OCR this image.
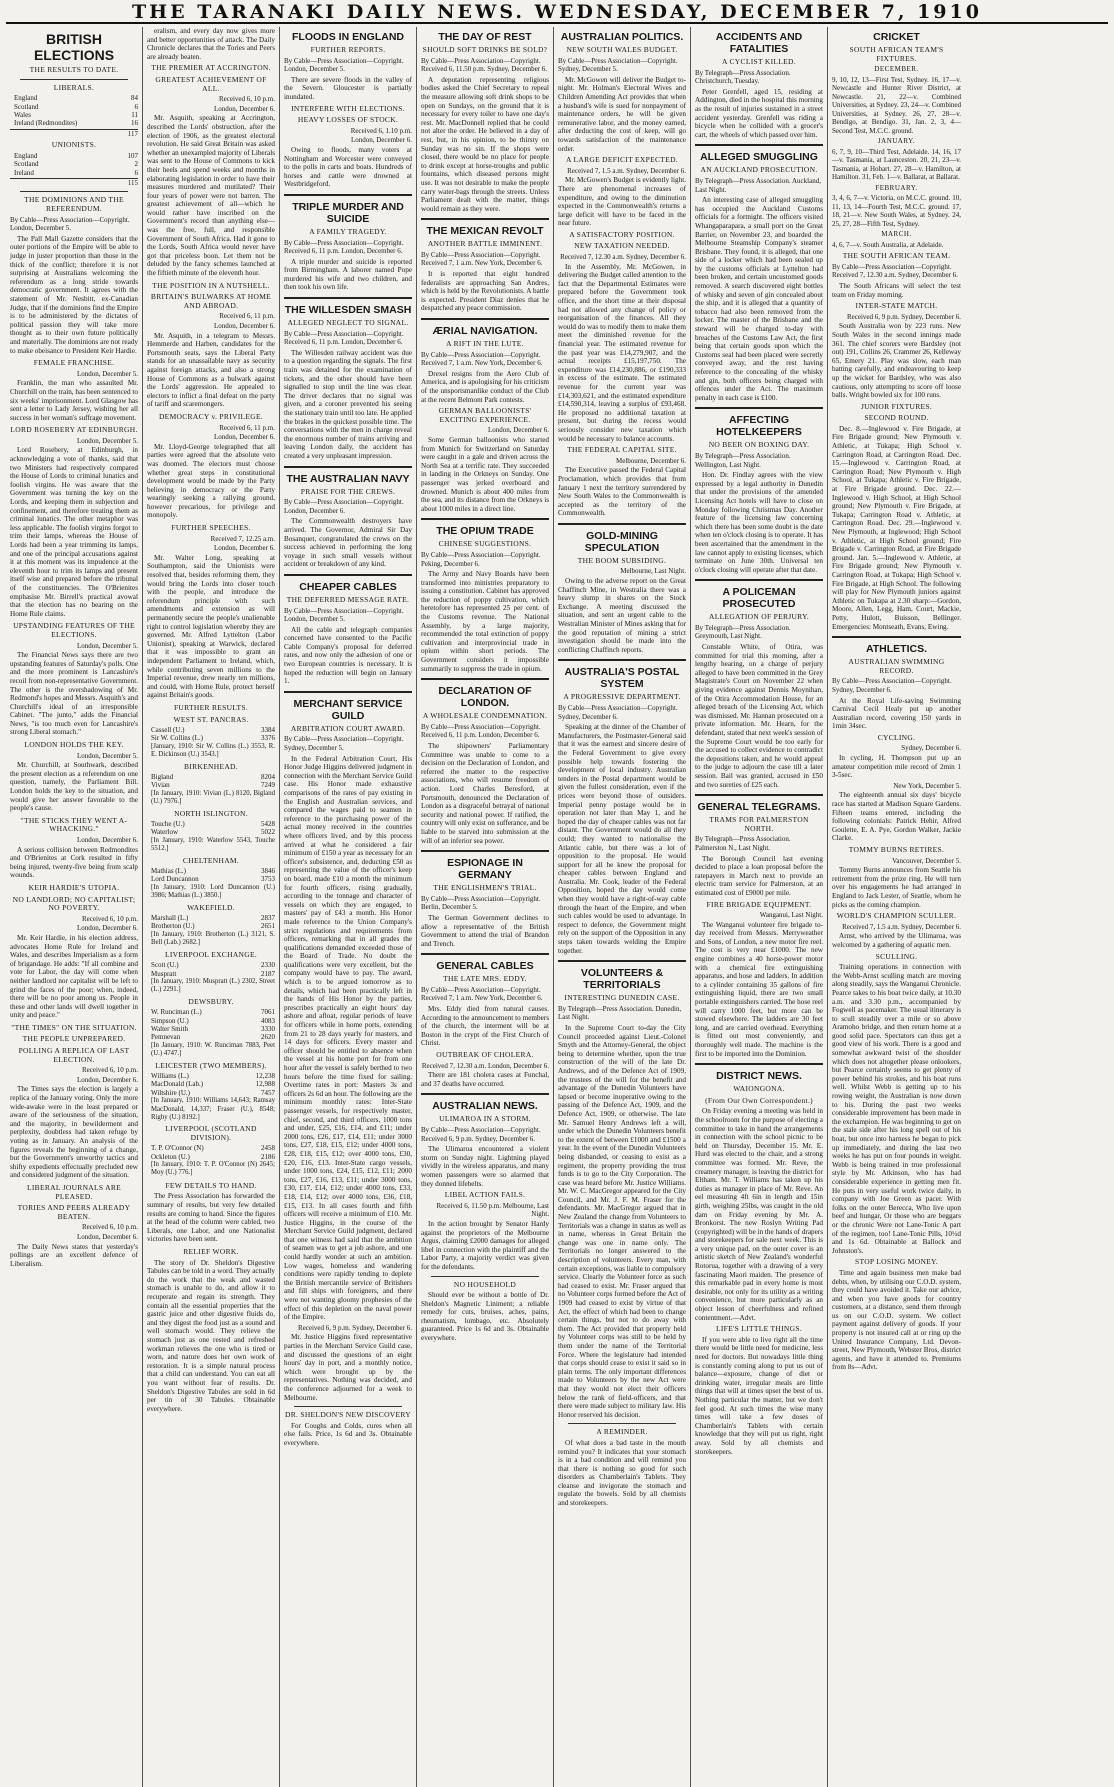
THE TARANAKI DAILY NEWS. WEDNESDAY, DECEMBER 7, 1910
BRITISH ELECTIONS
THE RESULTS TO DATE.
LIBERALS.
England	84
Scotland	6
Wales	11
Ireland (Redmondites)	16
117
UNIONISTS.
England	107
Scotland	2
Ireland	6
115
THE DOMINIONS AND THE REFERENDUM.
By Cable—Press Association—Copyright. London, December 5.

The Pall Mall Gazette considers that the outer portions of the Empire will be able to judge in juster proportion than those in the thick of the conflict; therefore it is not surprising at Australians welcoming the referendum as a long stride towards democratic government. It agrees with the statement of Mr. Nesbitt, ex-Canadian Judge, that if the dominions find the Empire is to be administered by the dictates of political passion they will take more thought as to their own future politically and materially. The dominions are not ready to make obeisance to President Keir Hardie.

FEMALE FRANCHISE.
London, December 5.

Franklin, the man who assaulted Mr. Churchill on the train, has been sentenced to six weeks' imprisonment. Lord Glasgow has sent a letter to Lady Jersey, wishing her all success in her woman's suffrage movement.

LORD ROSEBERY AT EDINBURGH.
London, December 5.

Lord Rosebery, at Edinburgh, in acknowledging a vote of thanks, said that two Ministers had respectively compared the House of Lords to criminal lunatics and foolish virgins. He was aware that the Government was turning the key on the Lords, and keeping them in subjection and confinement, and therefore treating them as criminal lunatics. The other metaphor was less applicable. The foolish virgins forgot to trim their lamps, whereas the House of Lords had been a year trimming its lamps, and one of the principal accusations against it at this moment was its impudence at the eleventh hour to trim its lamps and present itself wise and prepared before the tribunal of the constituencies. The O'Brienites emphasise Mr. Birrell's practical avowal that the election has no bearing on the Home Rule claims.

UPSTANDING FEATURES OF THE ELECTIONS.
London, December 5.

The Financial News says there are two upstanding features of Saturday's polls. One and the more prominent is Lancashire's recoil from non-representative Government. The other is the overshadowing of Mr. Redmond's hopes and Messrs. Asquith's and Churchill's ideal of an irresponsible Cabinet. "The junto," adds the Financial News, "is too much even for Lancashire's strong Liberal stomach."

LONDON HOLDS THE KEY.
London, December 5.

Mr. Churchill, at Southwark, described the present election as a referendum on one question, namely, the Parliament Bill. London holds the key to the situation, and would give her answer favorable to the people's cause.

"THE STICKS THEY WENT A-WHACKING."
London, December 6.

A serious collision between Redmondites and O'Brienites at Cork resulted in fifty being injured, twenty-five being from scalp wounds.

KEIR HARDIE'S UTOPIA.
NO LANDLORD; NO CAPITALIST; NO POVERTY.
Received 6, 10 p.m.
London, December 6.

Mr. Keir Hardie, in his election address, advocates Home Rule for Ireland and Wales, and describes Imperialism as a form of brigandage. He adds: "If all combine and vote for Labor, the day will come when neither landlord nor capitalist will be left to grind the faces of the poor; when, indeed, there will be no poor among us. People in these and other lands will dwell together in unity and peace."

"THE TIMES" ON THE SITUATION.
THE PEOPLE UNPREPARED.
POLLING A REPLICA OF LAST ELECTION.
Received 6, 10 p.m.
London, December 6.

The Times says the election is largely a replica of the January voting. Only the more wide-awake were in the least prepared or aware of the seriousness of the situation, and the majority, in bewilderment and perplexity, doubtless had taken refuge by voting as in January. An analysis of the figures reveals the beginning of a change, but the Government's unworthy tactics and shifty expedients effectually precluded new and considered judgment of the situation.

LIBERAL JOURNALS ARE PLEASED.
TORIES AND PEERS ALREADY BEATEN.
Received 6, 10 p.m.
London, December 6.

The Daily News states that yesterday's pollings are an excellent defence of Liberalism.

eralism, and every day now gives more and better opportunities of attack. The Daily Chronicle declares that the Tories and Peers are already beaten.

THE PREMIER AT ACCRINGTON.
GREATEST ACHIEVEMENT OF ALL.
Received 6, 10 p.m.
London, December 6.

Mr. Asquith, speaking at Accrington, described the Lords' obstruction, after the election of 1906, as the greatest electoral revolution. He said Great Britain was asked whether an unexampled majority of Liberals was sent to the House of Commons to kick their heels and spend weeks and months in elaborating legislation in order to have their measures murdered and mutilated? Their four years of power were not barren. The greatest achievement of all—which he would rather have inscribed on the Government's record than anything else—was the free, full, and responsible Government of South Africa. Had it gone to the Lords, South Africa would never have got that priceless boon. Let them not be deluded by the fancy schemes launched at the fiftieth minute of the eleventh hour.

THE POSITION IN A NUTSHELL.
BRITAIN'S BULWARKS AT HOME AND ABROAD.
Received 6, 11 p.m.
London, December 6.

Mr. Asquith, in a telegram to Messrs. Hemmerde and Harben, candidates for the Portsmouth seats, says the Liberal Party stands for an unassailable navy as security against foreign attacks, and also a strong House of Commons as a bulwark against the Lords' aggression. He appealed to electors to inflict a final defeat on the party of tariff and scaremongers.

DEMOCRACY v. PRIVILEGE.
Received 6, 11 p.m.
London, December 6.

Mr. Lloyd-George telegraphed that all parties were agreed that the absolute veto was doomed. The electors must choose whether great steps in constitutional development would be made by the Party believing in democracy or the Party wearingly seeking a rallying ground, however precarious, for privilege and monopoly.

FURTHER SPEECHES.
Received 7, 12.25 a.m.
London, December 6.

Mr. Walter Long, speaking at Southampton, said the Unionists were resolved that, besides reforming them, they would bring the Lords into closer touch with the people, and introduce the referendum principle with such amendments and extension as will permanently secure the people's unalienable right to control legislation whereby they are governed. Mr. Alfred Lyttelton (Labor Unionist), speaking at Warwick, declared that it was impossible to grant an independent Parliament to Ireland, which, while contributing seven millions to the Imperial revenue, drew nearly ten millions, and could, with Home Rule, protect herself against Britain's goods.

FURTHER RESULTS.
WEST ST. PANCRAS.
Cassell (U.)	3384
Sir W. Collins (L.)	3376
[January, 1910: Sir W. Collins (L.) 3553, R. E. Dickinson (U.) 3543.]
BIRKENHEAD.
Bigland	8204
Vivian	7249
[In January, 1910: Vivian (L.) 8120, Bigland (U.) 7976.]
NORTH ISLINGTON.
Touche (U.)	5428
Waterlow	5022
[In January, 1910: Waterlow 5543, Touche 5512.]
CHELTENHAM.
Mathias (L.)	3846
Lord Duncannon	3753
[In January, 1910: Lord Duncannon (U.) 3986; Mathias (L.) 3850.]
WAKEFIELD.
Marshall (L.)	2837
Brotherton (U.)	2651
[In January, 1910: Brotherton (L.) 3121, S. Bell (Lab.) 2682.]
LIVERPOOL EXCHANGE.
Scott (U.)	2330
Muspratt	2187
[In January, 1910: Muspratt (L.) 2302, Street (L.) 2291.]
DEWSBURY.
W. Runciman (L.)	7061
Simpson (U.)	4083
Walter Smith	3330
Pemnevan	2620
[In January, 1910: W. Runciman 7883, Peet (U.) 4747.]
LEICESTER (TWO MEMBERS).
Williams (L.)	12,238
MacDonald (Lab.)	12,988
Wiltshire (U.)	7457
[In January, 1910: Williams 14,643; Ramsay MacDonald, 14,337; Fraser (U.), 8548; Rigby (U.) 8192.]
LIVERPOOL (SCOTLAND DIVISION).
T. P. O'Connor (N)	2458
Ockleton (U.)	2186
[In January, 1910: T. P. O'Connor (N) 2645; Moy (U.) 776.]
FEW DETAILS TO HAND.

The Press Association has forwarded the summary of results, but very few detailed results are coming to hand. Since the figures at the head of the column were cabled, two Liberals, one Labor, and one Nationalist victories have been sent.

RELIEF WORK.

The story of Dr. Sheldon's Digestive Tabules can be told in a word. They actually do the work that the weak and wasted stomach is unable to do, and allow it to recuperate and regain its strength. They contain all the essential properties that the gastric juice and other digestive fluids do, and they digest the food just as a sound and well stomach would. They relieve the stomach just as one rested and refreshed workman relieves the one who is tired or worn, and nature does her own work of restoration. It is a simple natural process that a child can understand. You can eat all you want without fear of results. Dr. Sheldon's Digestive Tabules are sold in 6d per tin of 30 Tabules. Obtainable everywhere.

FLOODS IN ENGLAND
FURTHER REPORTS.
By Cable—Press Association—Copyright. London, December 5.

There are severe floods in the valley of the Severn. Gloucester is partially inundated.

INTERFERE WITH ELECTIONS.
HEAVY LOSSES OF STOCK.
Received 6, 1.10 p.m.
London, December 6.

Owing to floods, many voters at Nottingham and Worcester were conveyed to the polls in carts and boats. Hundreds of horses and cattle were drowned at Westbridgeford.

TRIPLE MURDER AND SUICIDE
A FAMILY TRAGEDY.
By Cable—Press Association—Copyright. Received 6, 11 p.m. London, December 6.

A triple murder and suicide is reported from Birmingham. A laborer named Pope murdered his wife and two children, and then took his own life.

THE WILLESDEN SMASH
ALLEGED NEGLECT TO SIGNAL.
By Cable—Press Association—Copyright. Received 6, 11 p.m. London, December 6.

The Willesden railway accident was due to a question regarding the signals. The first train was detained for the examination of tickets, and the other should have been signalled to stop until the line was clear. The driver declares that no signal was given, and a coroner prevented his seeing the stationary train until too late. He applied the brakes in the quickest possible time. The conversations with the men in charge reveal the enormous number of trains arriving and leaving London daily, the accident has created a very unpleasant impression.

THE AUSTRALIAN NAVY
PRAISE FOR THE CREWS.
By Cable—Press Association—Copyright. London, December 6.

The Commonwealth destroyers have arrived. The Governor, Admiral Sir Day Bosanquet, congratulated the crews on the success achieved in performing the long voyage in such small vessels without accident or breakdown of any kind.

CHEAPER CABLES
THE DEFERRED MESSAGE RATE.
By Cable—Press Association—Copyright. London, December 5.

All the cable and telegraph companies concerned have consented to the Pacific Cable Company's proposal for deferred rates, and now only the adhesion of one or two European countries is necessary. It is hoped the reduction will begin on January 1.

MERCHANT SERVICE GUILD
ARBITRATION COURT AWARD.
By Cable—Press Association—Copyright. Sydney, December 5.

In the Federal Arbitration Court, His Honor Judge Higgins delivered judgment in connection with the Merchant Service Guild case. His Honor made exhaustive comparisons of the rates of pay existing in the English and Australian services, and compared the wages paid to seamen in reference to the purchasing power of the actual money received in the countries where officers lived, and by this process arrived at what he considered a fair minimum of £150 a year as necessary for an officer's subsistence, and, deducting £50 as representing the value of the officer's keep on board, made £10 a month the minimum for fourth officers, rising gradually, according to the tonnage and character of vessels on which they are engaged, to masters' pay of £43 a month. His Honor made reference to the Union Company's strict regulations and requirements from officers, remarking that in all grades the qualifications demanded exceeded those of the Board of Trade. No doubt the qualifications were very excellent, but the company would have to pay. The award, which is to be argued tomorrow as to details, which had been practically left in the hands of His Honor by the parties, prescribes practically an eight hours' day ashore and afloat, regular periods of leave for officers while in home ports, extending from 21 to 28 days yearly for masters, and 14 days for officers. Every master and officer should be entitled to absence when the vessel at his home port for from one hour after the vessel is safely berthed to two hours before the time fixed for sailing. Overtime rates in port: Masters 3s and officers 2s 6d an hour. The following are the minimum monthly rates: Inter-State passenger vessels, for respectively master, chief, second, and third officers, 1000 tons and under, £25, £16, £14, and £11; under 2000 tons, £26, £17, £14, £11; under 3000 tons, £27, £18, £15, £12; under 4000 tons, £28, £18, £15, £12; over 4000 tons, £30, £20, £16, £13. Inter-State cargo vessels, under 1000 tons, £24, £15, £12, £11; 2000 tons, £27, £16, £13, £11; under 3000 tons, £30, £17, £14, £12; under 4000 tons, £33, £18, £14, £12; over 4000 tons, £36, £18, £15, £13. In all cases fourth and fifth officers will receive a minimum of £10. Mr. Justice Higgins, in the course of the Merchant Service Guild judgment, declared that one witness had said that the ambition of seamen was to get a job ashore, and one could hardly wonder at such an ambition. Low wages, homeless and wandering conditions were rapidly tending to deplete the British mercantile service of Britishers and fill ships with foreigners, and there were not wanting gloomy prophesies of the effect of this depletion on the naval power of the Empire.

Received 6, 9 p.m. Sydney, December 6.

Mr. Justice Higgins fixed representative parties in the Merchant Service Guild case, and discussed the questions of an eight hours' day in port, and a monthly notice, which were brought up by the representatives. Nothing was decided, and the conference adjourned for a week to Melbourne.

DR. SHELDON'S NEW DISCOVERY

For Coughs and Colds, cures when all else fails. Price, 1s 6d and 3s. Obtainable everywhere.

THE DAY OF REST
SHOULD SOFT DRINKS BE SOLD?
By Cable—Press Association—Copyright. Received 6, 11.50 p.m. Sydney, December 6.

A deputation representing religious bodies asked the Chief Secretary to repeal the measure allowing soft drink shops to be open on Sundays, on the ground that it is necessary for every toiler to have one day's rest. Mr. MacDonnell replied that he could not alter the order. He believed in a day of rest, but, in his opinion, to be thirsty on Sunday was no sin. If the shops were closed, there would be no place for people to drink except at horse-troughs and public fountains, which diseased persons might use. It was not desirable to make the people carry water-bags through the streets. Unless Parliament dealt with the matter, things would remain as they were.

THE MEXICAN REVOLT
ANOTHER BATTLE IMMINENT.
By Cable—Press Association—Copyright. Received 7, 1 a.m. New York, December 6.

It is reported that eight hundred federalists are approaching San Andres, which is held by the Revolutionists. A battle is expected. President Diaz denies that he despatched any peace commission.

ÆRIAL NAVIGATION.
A RIFT IN THE LUTE.
By Cable—Press Association—Copyright. Received 7, 1 a.m. New York, December 6.

Drexel resigns from the Aero Club of America, and is apologising for his criticism of the unsportsmanlike conduct of the Club at the recent Belmont Park contests.

GERMAN BALLOONISTS' EXCITING EXPERIENCE.
London, December 6.

Some German balloonists who started from Munich for Switzerland on Saturday were caught in a gale and driven across the North Sea at a terrific rate. They succeeded in landing in the Orkneys on Sunday. One passenger was jerked overboard and drowned. Munich is about 400 miles from the sea, and its distance from the Orkneys is about 1000 miles in a direct line.

THE OPIUM TRADE
CHINESE SUGGESTIONS.
By Cable—Press Association—Copyright. Peking, December 6.

The Army and Navy Boards have been transformed into ministries preparatory to issuing a constitution. Cabinet has approved the reduction of poppy cultivation, which heretofore has represented 25 per cent. of the Customs revenue. The National Assembly, by a large majority, recommended the total extinction of poppy cultivation and interprovincial trade in opium within short periods. The Government considers it impossible summarily to suppress the trade in opium.

DECLARATION OF LONDON.
A WHOLESALE CONDEMNATION.
By Cable—Press Association—Copyright. Received 6, 11 p.m. London, December 6.

The shipowners' Parliamentary Committee was unable to come to a decision on the Declaration of London, and referred the matter to the respective associations, who will resume freedom of action. Lord Charles Beresford, at Portsmouth, denounced the Declaration of London as a disgraceful betrayal of national security and national power. If ratified, the country will only exist on sufferance, and be liable to be starved into submission at the will of an inferior sea power.

ESPIONAGE IN GERMANY
THE ENGLISHMEN'S TRIAL.
By Cable—Press Association—Copyright. Berlin, December 5.

The German Government declines to allow a representative of the British Government to attend the trial of Brandon and Trench.

GENERAL CABLES
THE LATE MRS. EDDY.
By Cable—Press Association—Copyright. Received 7, 1 a.m. New York, December 6.

Mrs. Eddy died from natural causes. According to the announcement to members of the church, the interment will be at Boston in the crypt of the First Church of Christ.

OUTBREAK OF CHOLERA.
Received 7, 12.30 a.m. London, December 6.

There are 181 cholera cases at Funchal, and 37 deaths have occurred.

AUSTRALIAN NEWS.
ULIMAROA IN A STORM.
By Cable—Press Association—Copyright. Received 6, 9 p.m. Sydney, December 6.

The Ulimaroa encountered a violent storm on Sunday night. Lightning played vividly in the wireless apparatus, and many women passengers were so alarmed that they donned lifebelts.

LIBEL ACTION FAILS.
Received 6, 11.50 p.m. Melbourne, Last Night.

In the action brought by Senator Hardy against the proprietors of the Melbourne Argus, claiming £2000 damages for alleged libel in connection with the plaintiff and the Labor Party, a majority verdict was given for the defendants.

NO HOUSEHOLD

Should ever be without a bottle of Dr. Sheldon's Magnetic Liniment; a reliable remedy for cuts, bruises, aches, pains, rheumatism, lumbago, etc. Absolutely guaranteed. Price 1s 6d and 3s. Obtainable everywhere.

AUSTRALIAN POLITICS.
NEW SOUTH WALES BUDGET.
By Cable—Press Association—Copyright. Sydney, December 5.

Mr. McGowen will deliver the Budget to-night. Mr. Holman's Electoral Wives and Children Amending Act provides that when a husband's wife is sued for nonpayment of maintenance orders, he will be given remunerative labor, and the money earned, after deducting the cost of keep, will go towards satisfaction of the maintenance order.

A LARGE DEFICIT EXPECTED.
Received 7, 1.5 a.m. Sydney, December 6.

Mr. McGowen's Budget is evidently light. There are phenomenal increases of expenditure, and owing to the diminution expected in the Commonwealth's returns a large deficit will have to be faced in the near future.

A SATISFACTORY POSITION.
NEW TAXATION NEEDED.
Received 7, 12.30 a.m. Sydney, December 6.

In the Assembly, Mr. McGowen, in delivering the Budget called attention to the fact that the Departmental Estimates were prepared before the Government took office, and the short time at their disposal had not allowed any change of policy or reorganisation of the finances. All they would do was to modify them to make them meet the diminished revenue for the financial year. The estimated revenue for the past year was £14,279,907, and the actual receipts £15,197,750. The expenditure was £14,230,886, or £190,333 in excess of the estimate. The estimated revenue for the current year was £14,303,621, and the estimated expenditure £14,590,314, leaving a surplus of £93,468. He proposed no additional taxation at present, but during the recess would seriously consider new taxation which would be necessary to balance accounts.

THE FEDERAL CAPITAL SITE.
Melbourne, December 6.

The Executive passed the Federal Capital Proclamation, which provides that from January 1 next the territory surrendered by New South Wales to the Commonwealth is accepted as the territory of the Commonwealth.

GOLD-MINING SPECULATION
THE BOOM SUBSIDING.
Melbourne, Last Night.

Owing to the adverse report on the Great Chaffinch Mine, in Westralia there was a heavy slump in shares on the Stock Exchange. A meeting discussed the situation, and sent an urgent cable to the Westralian Minister of Mines asking that for the good reputation of mining a strict investigation should be made into the conflicting Chaffinch reports.

AUSTRALIA'S POSTAL SYSTEM
A PROGRESSIVE DEPARTMENT.
By Cable—Press Association—Copyright. Sydney, December 6.

Speaking at the dinner of the Chamber of Manufacturers, the Postmaster-General said that it was the earnest and sincere desire of the Federal Government to give every possible help towards fostering the development of local industry. Australian tenders in the Postal department would be given the fullest consideration, even if the prices were beyond those of outsiders. Imperial penny postage would be in operation not later than May 1, and he hoped the day of cheaper cables was not far distant. The Government would do all they could; they wanted to nationalise the Atlantic cable, but there was a lot of opposition to the proposal. He would support for all he knew the proposal for cheaper cables between England and Australia. Mr. Cook, leader of the Federal Opposition, hoped the day would come when they would have a right-of-way cable through the heart of the Empire, and when such cables would be used to advantage. In respect to defence, the Government might rely on the support of the Opposition in any steps taken towards welding the Empire together.

VOLUNTEERS & TERRITORIALS
INTERESTING DUNEDIN CASE.
By Telegraph—Press Association. Dunedin, Last Night.

In the Supreme Court to-day the City Council proceeded against Lieut.-Colonel Smyth and the Attorney-General, the object being to determine whether, upon the true construction of the will of the late Dr. Andrews, and of the Defence Act of 1909, the trustees of the will for the benefit and advantage of the Dunedin Volunteers have lapsed or become inoperative owing to the passing of the Defence Act, 1909, and the Defence Act, 1909, or otherwise. The late Mr. Samuel Henry Andrews left a will, under which the Dunedin Volunteers benefit to the extent of between £1000 and £1500 a year. In the event of the Dunedin Volunteers being disbanded, or ceasing to exist as a regiment, the property providing the trust funds is to go to the City Corporation. The case was heard before Mr. Justice Williams. Mr. W. C. MacGregor appeared for the City Council, and Mr. J. F. M. Fraser for the defendants. Mr. MacGregor argued that in New Zealand the change from Volunteers to Territorials was a change in status as well as in name, whereas in Great Britain the change was one in name only. The Territorials no longer answered to the description of volunteers. Every man, with certain exceptions, was liable to compulsory service. Clearly the Volunteer force as such had ceased to exist. Mr. Fraser argued that no Volunteer corps formed before the Act of 1909 had ceased to exist by virtue of that Act, the effect of which had been to change certain things, but not to do away with them. The Act provided that property held by Volunteer corps was still to be held by them under the name of the Territorial Force. Where the legislature had intended that corps should cease to exist it said so in plain terms. The only important differences made to Volunteers by the new Act were that they would not elect their officers below the rank of field-officers, and that there were made subject to military law. His Honor reserved his decision.

A REMINDER.

Of what does a bad taste in the mouth remind you? It indicates that your stomach is in a bad condition and will remind you that there is nothing so good for such disorders as Chamberlain's Tablets. They cleanse and invigorate the stomach and regulate the bowels. Sold by all chemists and storekeepers.

ACCIDENTS AND FATALITIES
A CYCLIST KILLED.
By Telegraph—Press Association. Christchurch, Tuesday.

Peter Grenfell, aged 15, residing at Addington, died in the hospital this morning as the result of injuries sustained in a street accident yesterday. Grenfell was riding a bicycle when he collided with a grocer's cart, the wheels of which passed over him.

ALLEGED SMUGGLING
AN AUCKLAND PROSECUTION.
By Telegraph—Press Association. Auckland, Last Night.

An interesting case of alleged smuggling has occupied the Auckland Customs officials for a fortnight. The officers visited Whangaparapara, a small port on the Great Barrier, on November 23, and boarded the Melbourne Steamship Company's steamer Brisbane. They found, it is alleged, that one side of a locker which had been sealed up by the customs officials at Lyttelton had been broken, and certain uncustomed goods removed. A search discovered eight bottles of whisky and seven of gin concealed about the ship, and it is alleged that a quantity of tobacco had also been removed from the locker. The master of the Brisbane and the steward will be charged to-day with breaches of the Customs Law Act, the first being that certain goods upon which the Customs seal had been placed were secretly conveyed away, and the rest having reference to the concealing of the whisky and gin, both officers being charged with offences under the Act. The maximum penalty in each case is £100.

AFFECTING HOTELKEEPERS
NO BEER ON BOXING DAY.
By Telegraph—Press Association. Wellington, Last Night.

Hon. Dr. Findlay agrees with the view expressed by a legal authority in Dunedin that under the provisions of the amended Licensing Act hotels will have to close on Monday following Christmas Day. Another feature of the licensing law concerning which there has been some doubt is the date when ten o'clock closing is to operate. It has been ascertained that the amendment in the law cannot apply to existing licenses, which terminate on June 30th. Universal ten o'clock closing will operate after that date.

A POLICEMAN PROSECUTED
ALLEGATION OF PERJURY.
By Telegraph—Press Association. Greymouth, Last Night.

Constable White, of Otira, was committed for trial this morning, after a lengthy hearing, on a charge of perjury alleged to have been committed in the Grey Magistrate's Court on November 22 when giving evidence against Dennis Moynihan, of the Otira Accommodation House, for an alleged breach of the Licensing Act, which was dismissed. Mr. Hannan prosecuted on a private information. Mr. Hearn, for the defendant, stated that next week's session of the Supreme Court would be too early for the accused to collect evidence to contradict the depositions taken, and he would appeal to the judge to adjourn the case till a later session. Bail was granted, accused in £50 and two sureties of £25 each.

GENERAL TELEGRAMS.
TRAMS FOR PALMERSTON NORTH.
By Telegraph—Press Association. Palmerston N., Last Night.

The Borough Council last evening decided to place a loan proposal before the ratepayers in March next to provide an electric tram service for Palmerston, at an estimated cost of £9000 per mile.

FIRE BRIGADE EQUIPMENT.
Wanganui, Last Night.

The Wanganui volunteer fire brigade to-day received from Messrs. Merryweather and Sons, of London, a new motor fire reel. The cost is very near £1000. The new engine combines a 40 horse-power motor with a chemical fire extinguishing apparatus, and hose and ladders. In addition to a cylinder containing 35 gallons of fire extinguishing liquid, there are two small portable extinguishers carried. The hose reel will carry 1000 feet, but more can be stowed elsewhere. The ladders are 30 feet long, and are carried overhead. Everything is fitted out most conveniently, and thoroughly well made. The machine is the first to be imported into the Dominion.

DISTRICT NEWS.
WAIONGONA.
(From Our Own Correspondent.)

On Friday evening a meeting was held in the schoolroom for the purpose of electing a committee to take in hand the arrangements in connection with the school picnic to be held on Thursday, December 15. Mr. E. Hurd was elected to the chair, and a strong committee was formed. Mr. Reve, the creamery manager, is leaving the district for Eltham. Mr. T. Williams has taken up his duties as manager in place of Mr. Reve. An eel measuring 4ft 6in in length and 15in girth, weighing 25lbs, was caught in the old dam on Friday evening by Mr. A. Bronkorst. The new Roslyn Writing Pad (copyrighted) will be in the hands of drapers and storekeepers for sale next week. This is a very unique pad, on the outer cover is an artistic sketch of New Zealand's wonderful Rotorua, together with a drawing of a very fascinating Maori maiden. The presence of this remarkable pad in every home is most desirable, not only for its utility as a writing convenience, but more particularly as an object lesson of cheerfulness and refined contentment.—Advt.

LIFE'S LITTLE THINGS.

If you were able to live right all the time there would be little need for medicine, less need for doctors. But nowadays little thing is constantly coming along to put us out of balance—exposure, change of diet or drinking water, irregular meals are little things that will at times upset the best of us. Nothing particular the matter, but we don't feel good. At such times the wise many times will take a few doses of Chamberlain's Tablets with certain knowledge that they will put us right, right away. Sold by all chemists and storekeepers.

CRICKET
SOUTH AFRICAN TEAM'S FIXTURES.
DECEMBER.
9, 10, 12, 13—First Test, Sydney. 16, 17—v. Newcastle and Hunter River District, at Newcastle. 21, 22—v. Combined Universities, at Sydney. 23, 24—v. Combined Universities, at Sydney. 26, 27, 28—v. Bendigo, at Bendigo. 31, Jan. 2, 3, 4—Second Test, M.C.C. ground.
JANUARY.
6, 7, 9, 10—Third Test, Adelaide. 14, 16, 17—v. Tasmania, at Launceston. 20, 21, 23—v. Tasmania, at Hobart. 27, 28—v. Hamilton, at Hamilton. 31, Feb. 1—v. Ballarat, at Ballarat.
FEBRUARY.
3, 4, 6, 7—v. Victoria, on M.C.C. ground. 10, 11, 13, 14—Fourth Test, M.C.C. ground. 17, 18, 21—v. New South Wales, at Sydney. 24, 25, 27, 28—Fifth Test, Sydney.
MARCH.
4, 6, 7—v. South Australia, at Adelaide.
THE SOUTH AFRICAN TEAM.
By Cable—Press Association—Copyright. Received 7, 12.30 a.m. Sydney, December 6.

The South Africans will select the test team on Friday morning.

INTER-STATE MATCH.
Received 6, 9 p.m. Sydney, December 6.

South Australia won by 223 runs. New South Wales in the second innings made 361. The chief scorers were Bardsley (not out) 191, Collins 26, Crammer 26, Kelleway 65, Emery 21. Play was slow, each man batting carefully, and endeavouring to keep up the wicket for Bardsley, who was also cautious, only attempting to score off loose balls. Wright bowled six for 100 runs.

JUNIOR FIXTURES.
SECOND ROUND.

Dec. 8.—Inglewood v. Fire Brigade, at Fire Brigade ground; New Plymouth v. Athletic, at Tukapa; High School v. Carrington Road, at Carrington Road. Dec. 15.—Inglewood v. Carrington Road, at Carrington Road; New Plymouth v. High School, at Tukapa; Athletic v. Fire Brigade, at Fire Brigade ground. Dec. 22.—Inglewood v. High School, at High School ground; New Plymouth v. Fire Brigade, at Tukapa; Carrington Road v. Athletic, at Carrington Road. Dec. 29.—Inglewood v. New Plymouth, at Inglewood; High School v. Athletic, at High School ground; Fire Brigade v. Carrington Road, at Fire Brigade ground. Jan. 5.—Inglewood v. Athletic, at Fire Brigade ground; New Plymouth v. Carrington Road, at Tukapa; High School v. Fire Brigade, at High School. The following will play for New Plymouth juniors against Athletic on Tukapa at 2.30 sharp:—Gordon, Moore, Allen, Legg, Ham, Court, Mackie, Petty, Hulott, Buisson, Bellinger. Emergencies: Montseath, Evans, Ewing.

ATHLETICS.
AUSTRALIAN SWIMMING RECORD.
By Cable—Press Association—Copyright. Sydney, December 6.

At the Royal Life-saving Swimming Carnival Cecil Healy put up another Australian record, covering 150 yards in 1min 34sec.

CYCLING.
Sydney, December 6.

In cycling, H. Thompson put up an amateur competition mile record of 2min 1 3-5sec.

New York, December 5.

The eighteenth annual six days' bicycle race has started at Madison Square Gardens. Fifteen teams entered, including the following colonials: Patrick Hehir, Alfred Goulette, E. A. Pye, Gordon Walker, Jackie Clarke.

TOMMY BURNS RETIRES.
Vancouver, December 5.

Tommy Burns announces from Seattle his retirement from the prize ring. He will turn over his engagements he had arranged in England to Jack Lester, of Seattle, whom he picks as the coming champion.

WORLD'S CHAMPION SCULLER.
Received 7, 1.5 a.m. Sydney, December 6.

Arnst, who arrived by the Ulimaroa, was welcomed by a gathering of aquatic men.

SCULLING.

Training operations in connection with the Webb-Arnst sculling match are moving along steadily, says the Wanganui Chronicle. Pearce takes to his boat twice daily, at 10.30 a.m. and 3.30 p.m., accompanied by Fogwell as pacemaker. The usual itinerary is to scull steadily over a mile or so above Aramoho bridge, and then return home at a good solid pace. Spectators can thus get a good view of his work. There is a good and somewhat awkward twist of the shoulder which does not altogether please onlookers, but Pearce certainly seems to get plenty of power behind his strokes, and his boat runs well. Whilst Webb is getting up to his rowing weight, the Australian is now down to his. During the past two weeks considerable improvement has been made in the exchampion. He was beginning to get on the stale side after his long spell out of his boat, but once into harness he began to pick up immediately, and during the last two weeks he has put on four pounds in weight. Webb is being trained in true professional style by Mr. Atkinson, who has had considerable experience in getting men fit. He puts in very useful work twice daily, in company with Joe Green as pacer. With folks on the outer Berecca, Who live upon beef and hungar, Or those who are beggars or the chronic Were not Lane-Tonic A part of the regimen, too! Lane-Tonic Pills, 10½d and 1s 6d. Obtainable at Ballock and Johnston's.

STOP LOSING MONEY.

Time and again business men make bad debts, when, by utilising our C.O.D. system, they could have avoided it. Take our advice, and when you have goods for country customers, at a distance, send them through us on our C.O.D. system. We collect payment against delivery of goods. If your property is not insured call at or ring up the United Insurance Company, Ltd. Devon-street, New Plymouth, Webster Bros, district agents, and have it attended to. Premiums from 8s—Advt.
